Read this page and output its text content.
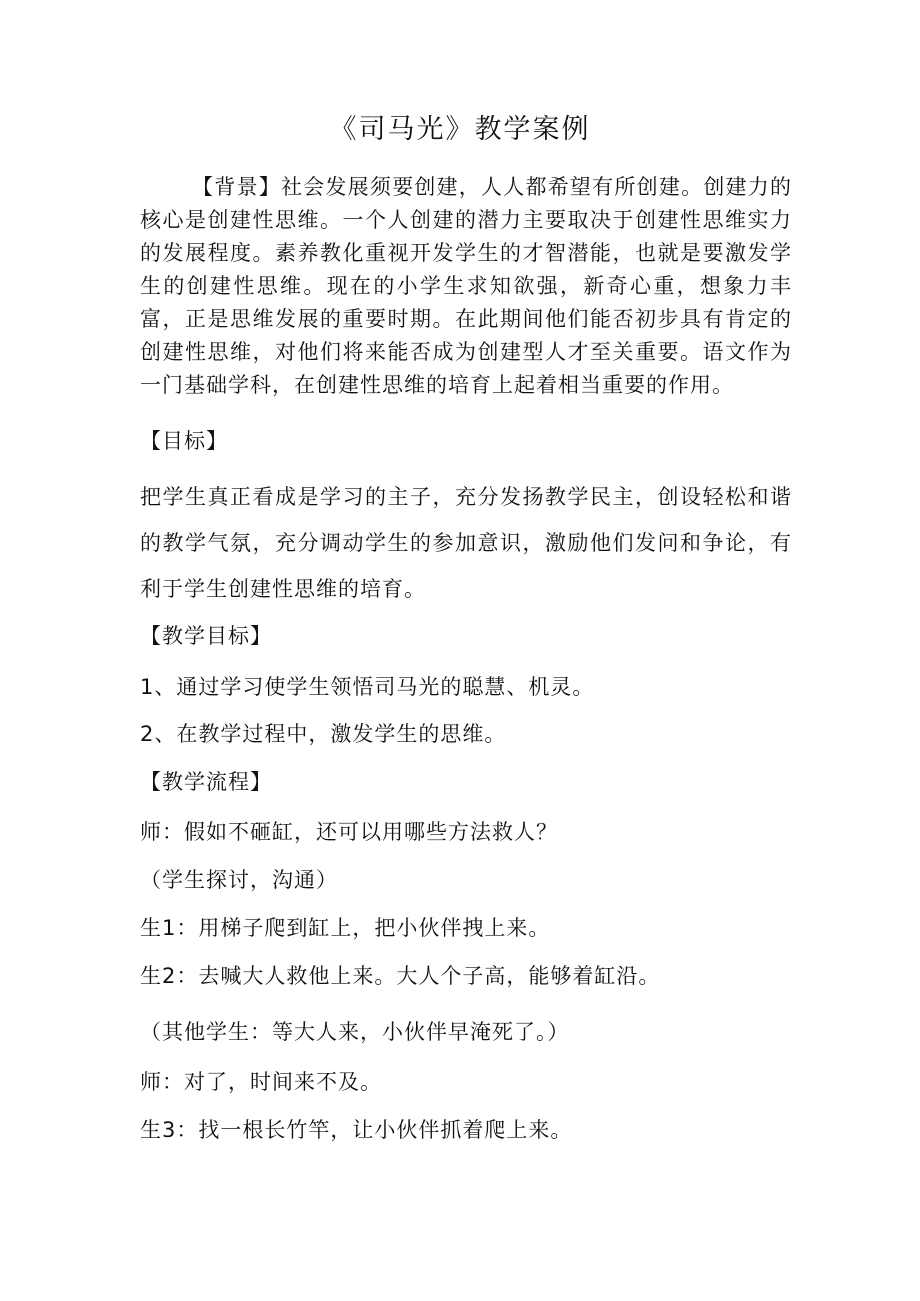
《司马光》教学案例
【背景】社会发展须要创建，人人都希望有所创建。创建力的核心是创建性思维。一个人创建的潜力主要取决于创建性思维实力的发展程度。素养教化重视开发学生的才智潜能，也就是要激发学生的创建性思维。现在的小学生求知欲强，新奇心重，想象力丰富，正是思维发展的重要时期。在此期间他们能否初步具有肯定的创建性思维，对他们将来能否成为创建型人才至关重要。语文作为一门基础学科，在创建性思维的培育上起着相当重要的作用。
【目标】
把学生真正看成是学习的主子，充分发扬教学民主，创设轻松和谐的教学气氛，充分调动学生的参加意识，激励他们发问和争论，有利于学生创建性思维的培育。
【教学目标】
1、通过学习使学生领悟司马光的聪慧、机灵。
2、在教学过程中，激发学生的思维。
【教学流程】
师：假如不砸缸，还可以用哪些方法救人？
（学生探讨，沟通）
生1：用梯子爬到缸上，把小伙伴拽上来。
生2：去喊大人救他上来。大人个子高，能够着缸沿。
（其他学生：等大人来，小伙伴早淹死了。）
师：对了，时间来不及。
生3：找一根长竹竿，让小伙伴抓着爬上来。
